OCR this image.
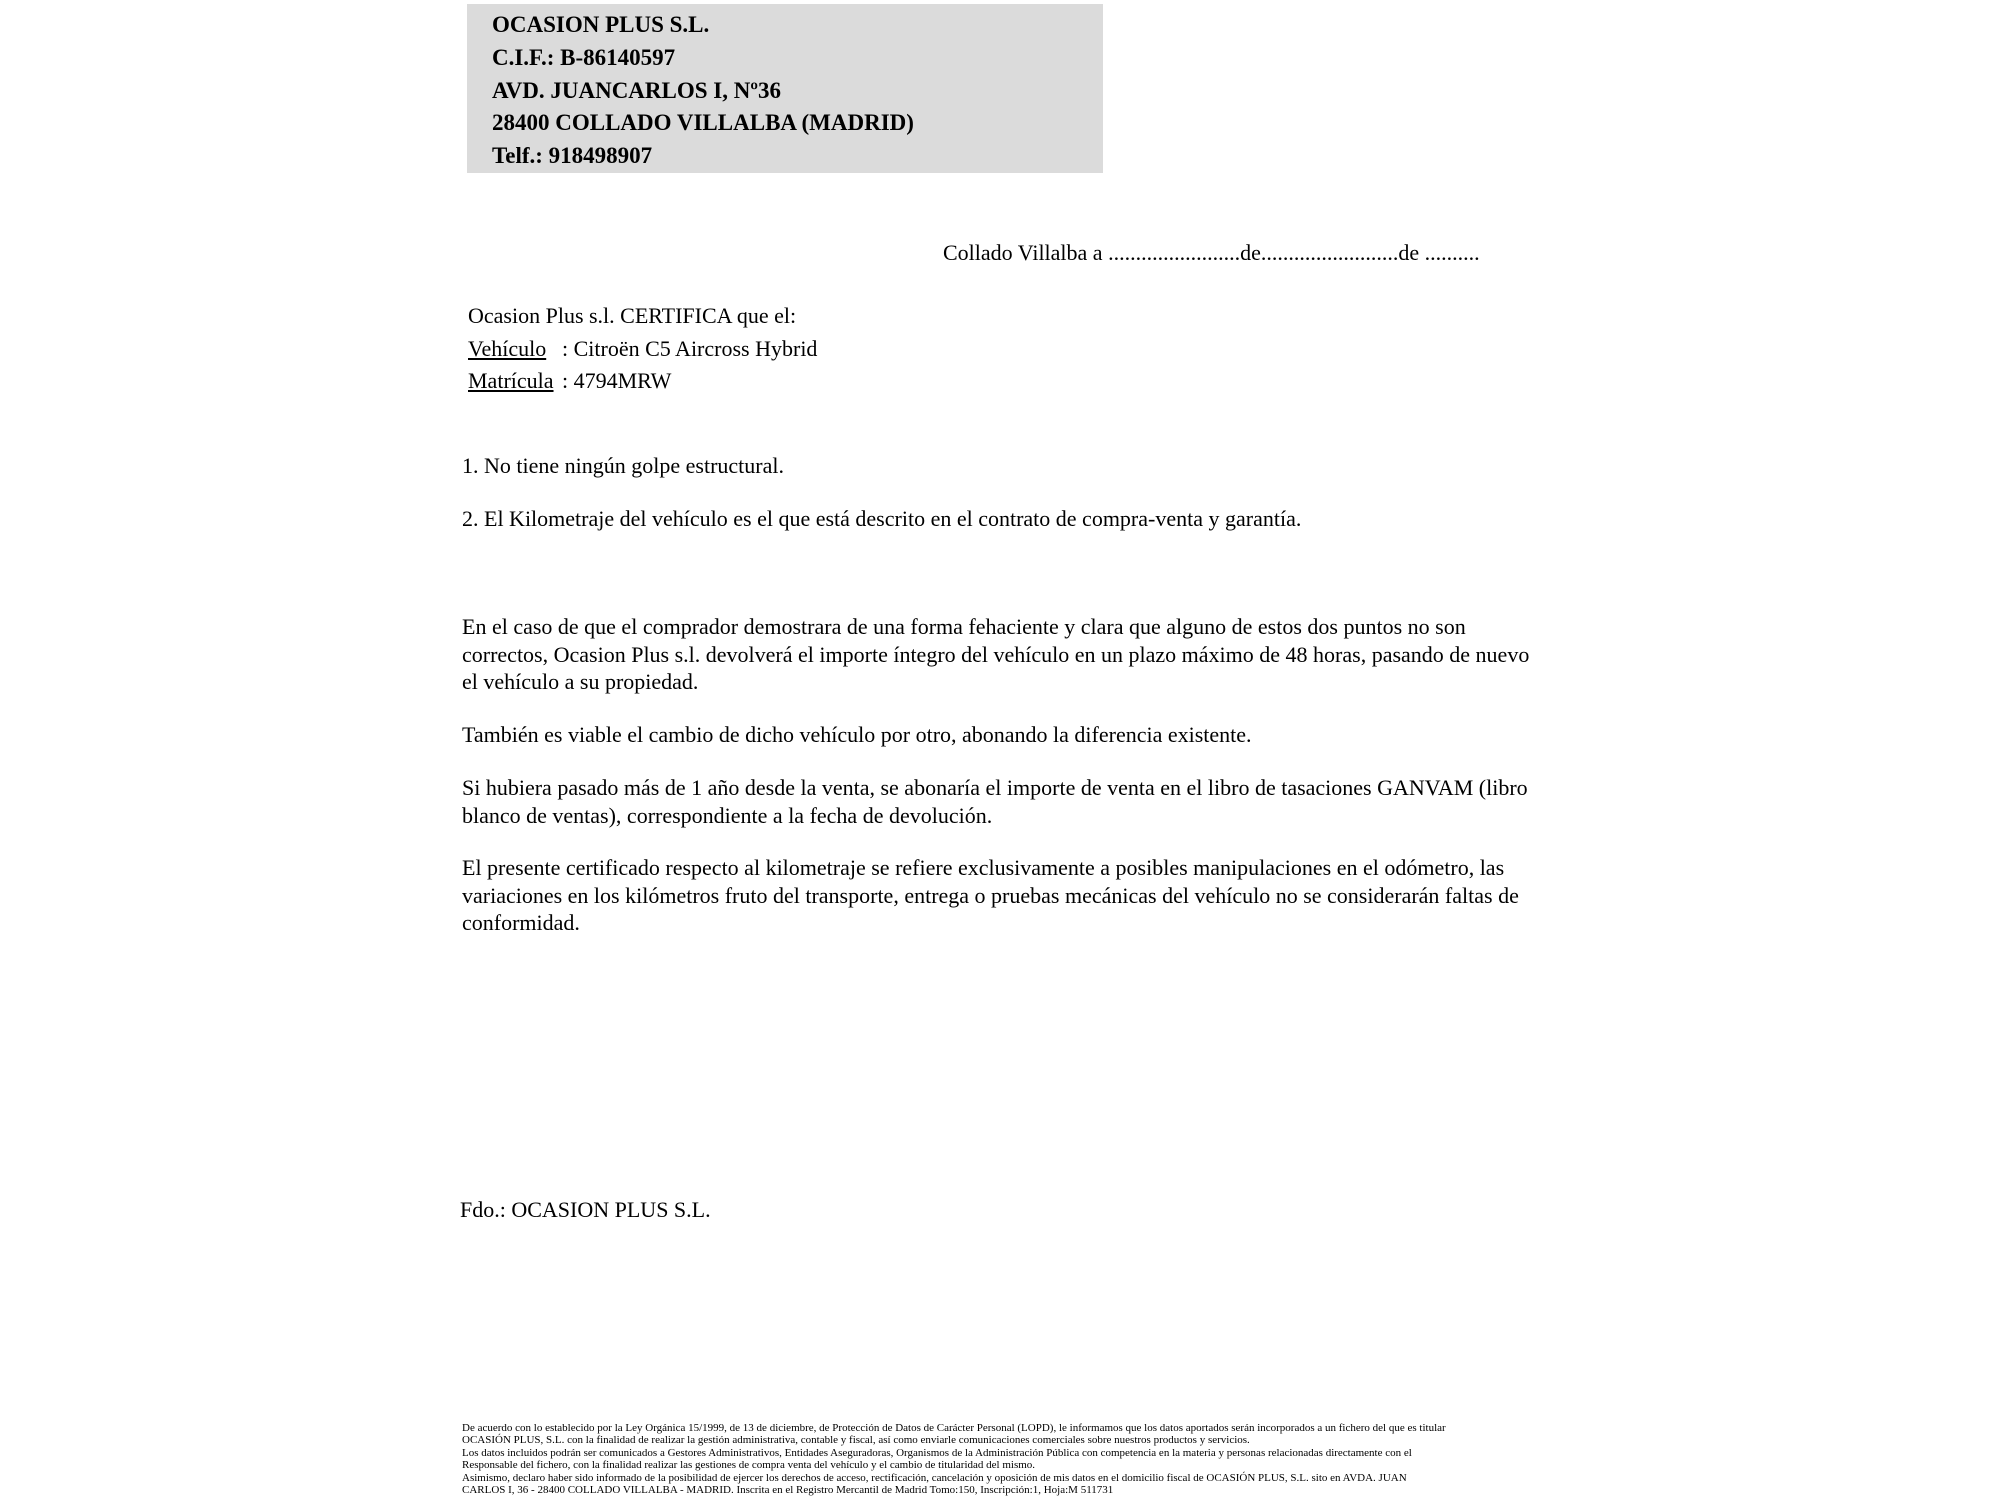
OCASION PLUS S.L.
C.I.F.: B-86140597
AVD. JUANCARLOS I, Nº36
28400 COLLADO VILLALBA (MADRID)
Telf.: 918498907
Collado Villalba a ........................de.........................de ..........
Ocasion Plus s.l. CERTIFICA que el:
Vehículo : Citroën C5 Aircross Hybrid
Matrícula : 4794MRW
1. No tiene ningún golpe estructural.
2. El Kilometraje del vehículo es el que está descrito en el contrato de compra-venta y garantía.
En el caso de que el comprador demostrara de una forma fehaciente y clara que alguno de estos dos puntos no son correctos, Ocasion Plus s.l. devolverá el importe íntegro del vehículo en un plazo máximo de 48 horas, pasando de nuevo el vehículo a su propiedad.
También es viable el cambio de dicho vehículo por otro, abonando la diferencia existente.
Si hubiera pasado más de 1 año desde la venta, se abonaría el importe de venta en el libro de tasaciones GANVAM (libro blanco de ventas), correspondiente a la fecha de devolución.
El presente certificado respecto al kilometraje se refiere exclusivamente a posibles manipulaciones en el odómetro, las variaciones en los kilómetros fruto del transporte, entrega o pruebas mecánicas del vehículo no se considerarán faltas de conformidad.
Fdo.: OCASION PLUS S.L.
De acuerdo con lo establecido por la Ley Orgánica 15/1999, de 13 de diciembre, de Protección de Datos de Carácter Personal (LOPD), le informamos que los datos aportados serán incorporados a un fichero del que es titular
OCASIÓN PLUS, S.L. con la finalidad de realizar la gestión administrativa, contable y fiscal, así como enviarle comunicaciones comerciales sobre nuestros productos y servicios.
Los datos incluidos podrán ser comunicados a Gestores Administrativos, Entidades Aseguradoras, Organismos de la Administración Pública con competencia en la materia y personas relacionadas directamente con el
Responsable del fichero, con la finalidad realizar las gestiones de compra venta del vehículo y el cambio de titularidad del mismo.
Asimismo, declaro haber sido informado de la posibilidad de ejercer los derechos de acceso, rectificación, cancelación y oposición de mis datos en el domicilio fiscal de OCASIÓN PLUS, S.L. sito en AVDA. JUAN
CARLOS I, 36 - 28400 COLLADO VILLALBA - MADRID. Inscrita en el Registro Mercantil de Madrid Tomo:150, Inscripción:1, Hoja:M 511731
